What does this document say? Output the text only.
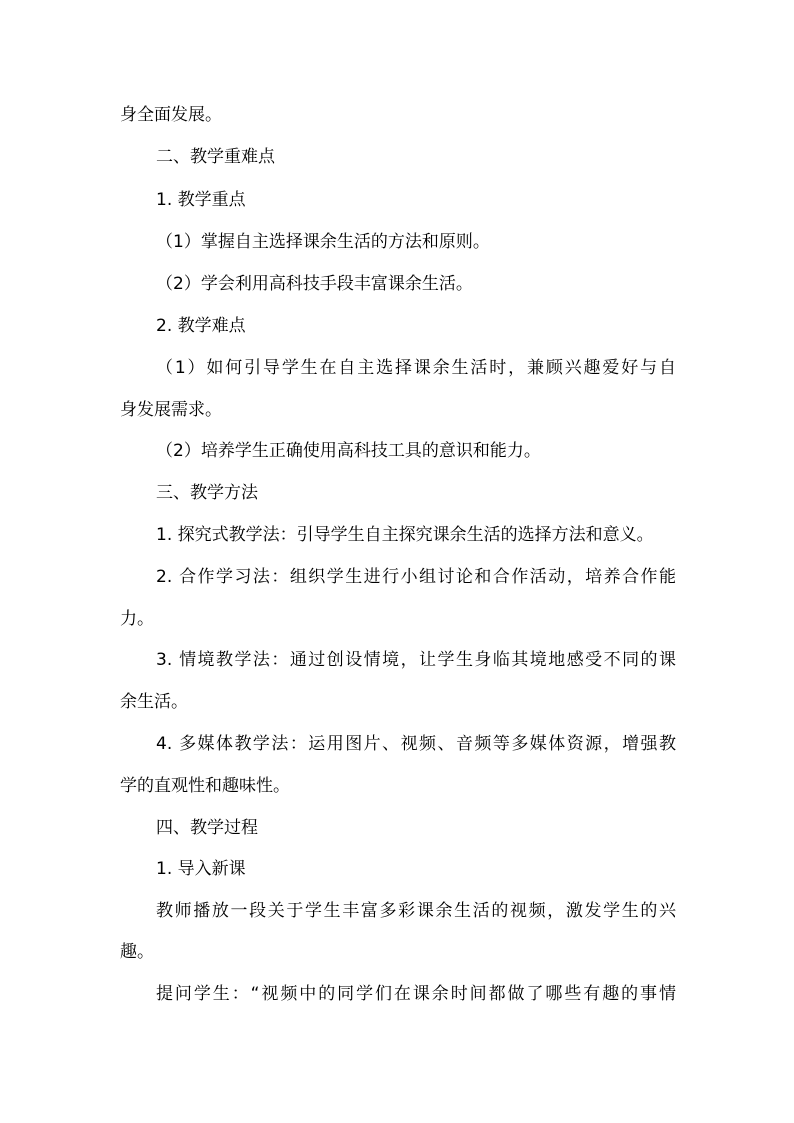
身全面发展。
二、教学重难点
1. 教学重点
（1）掌握自主选择课余生活的方法和原则。
（2）学会利用高科技手段丰富课余生活。
2. 教学难点
（1）如何引导学生在自主选择课余生活时，兼顾兴趣爱好与自
身发展需求。
（2）培养学生正确使用高科技工具的意识和能力。
三、教学方法
1. 探究式教学法：引导学生自主探究课余生活的选择方法和意义。
2. 合作学习法：组织学生进行小组讨论和合作活动，培养合作能
力。
3. 情境教学法：通过创设情境，让学生身临其境地感受不同的课
余生活。
4. 多媒体教学法：运用图片、视频、音频等多媒体资源，增强教
学的直观性和趣味性。
四、教学过程
1. 导入新课
教师播放一段关于学生丰富多彩课余生活的视频，激发学生的兴
趣。
提问学生：“视频中的同学们在课余时间都做了哪些有趣的事情
